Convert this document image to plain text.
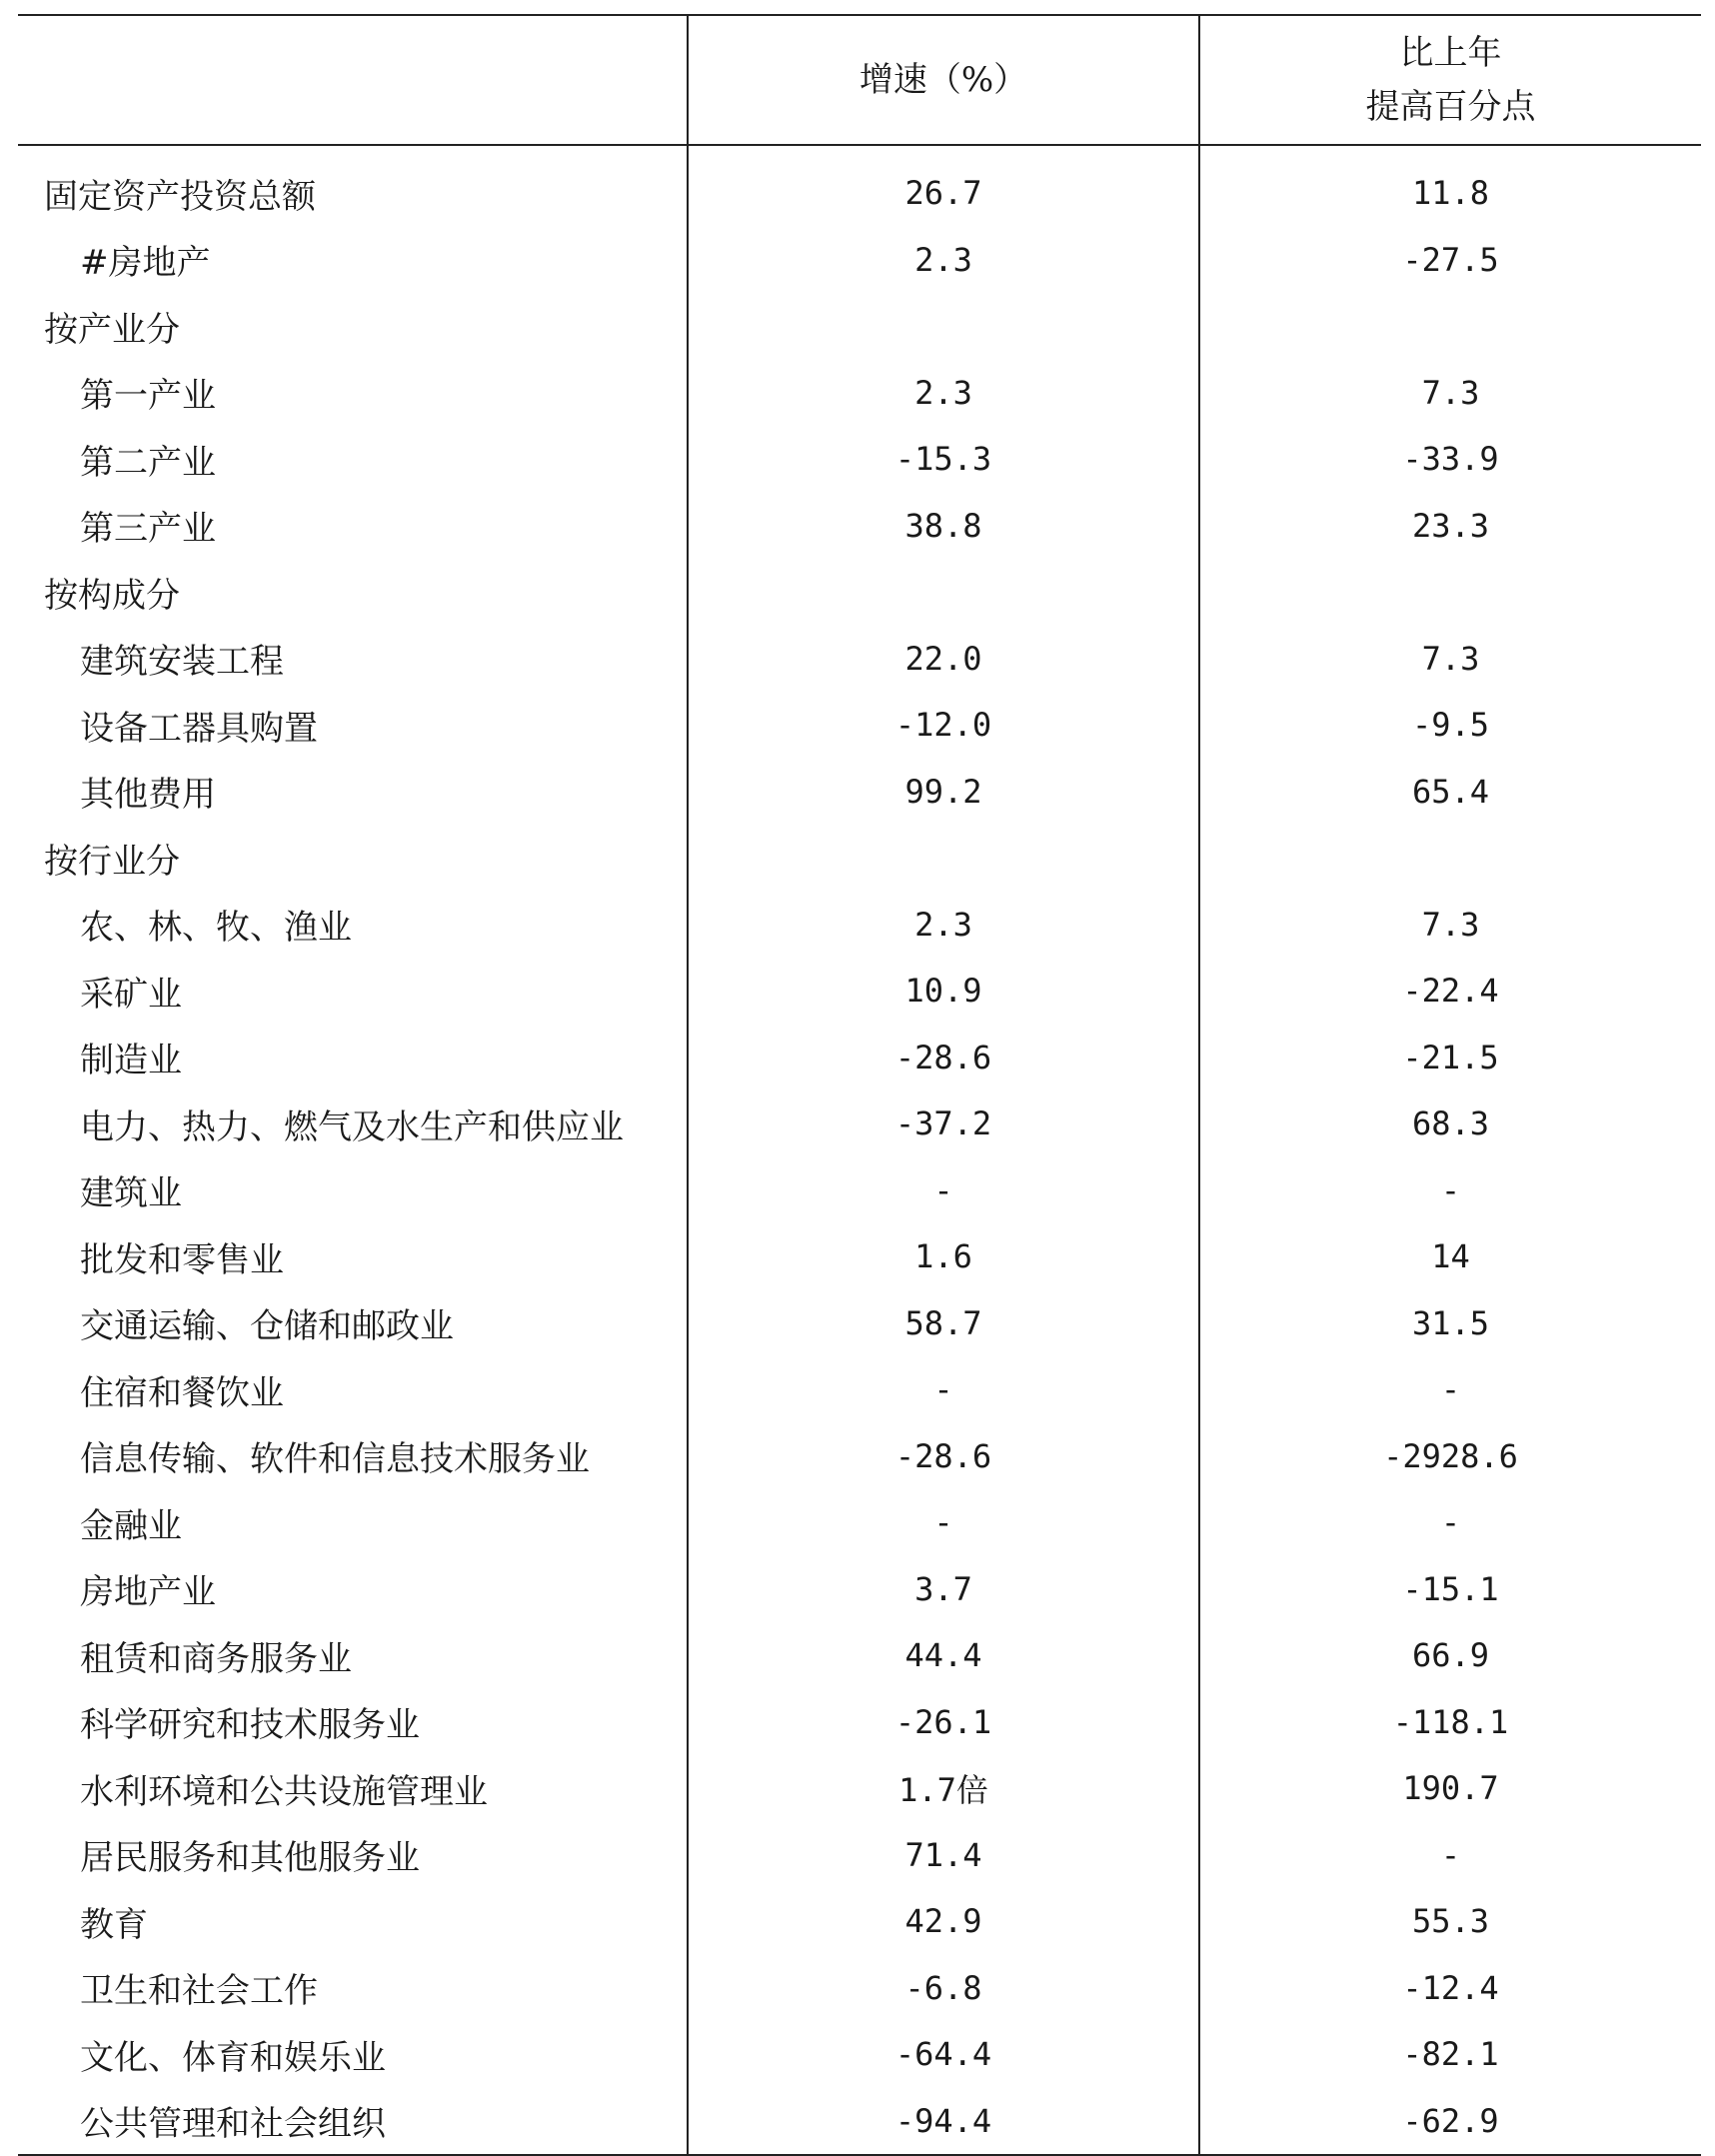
	增速（%）	比上年
提高百分点

固定资产投资总额	26.7	11.8
#房地产	2.3	-27.5
按产业分		
第一产业	2.3	7.3
第二产业	-15.3	-33.9
第三产业	38.8	23.3
按构成分		
建筑安装工程	22.0	7.3
设备工器具购置	-12.0	-9.5
其他费用	99.2	65.4
按行业分		
农、林、牧、渔业	2.3	7.3
采矿业	10.9	-22.4
制造业	-28.6	-21.5
电力、热力、燃气及水生产和供应业	-37.2	68.3
建筑业	-	-
批发和零售业	1.6	14
交通运输、仓储和邮政业	58.7	31.5
住宿和餐饮业	-	-
信息传输、软件和信息技术服务业	-28.6	-2928.6
金融业	-	-
房地产业	3.7	-15.1
租赁和商务服务业	44.4	66.9
科学研究和技术服务业	-26.1	-118.1
水利环境和公共设施管理业	1.7倍	190.7
居民服务和其他服务业	71.4	-
教育	42.9	55.3
卫生和社会工作	-6.8	-12.4
文化、体育和娱乐业	-64.4	-82.1
公共管理和社会组织	-94.4	-62.9
